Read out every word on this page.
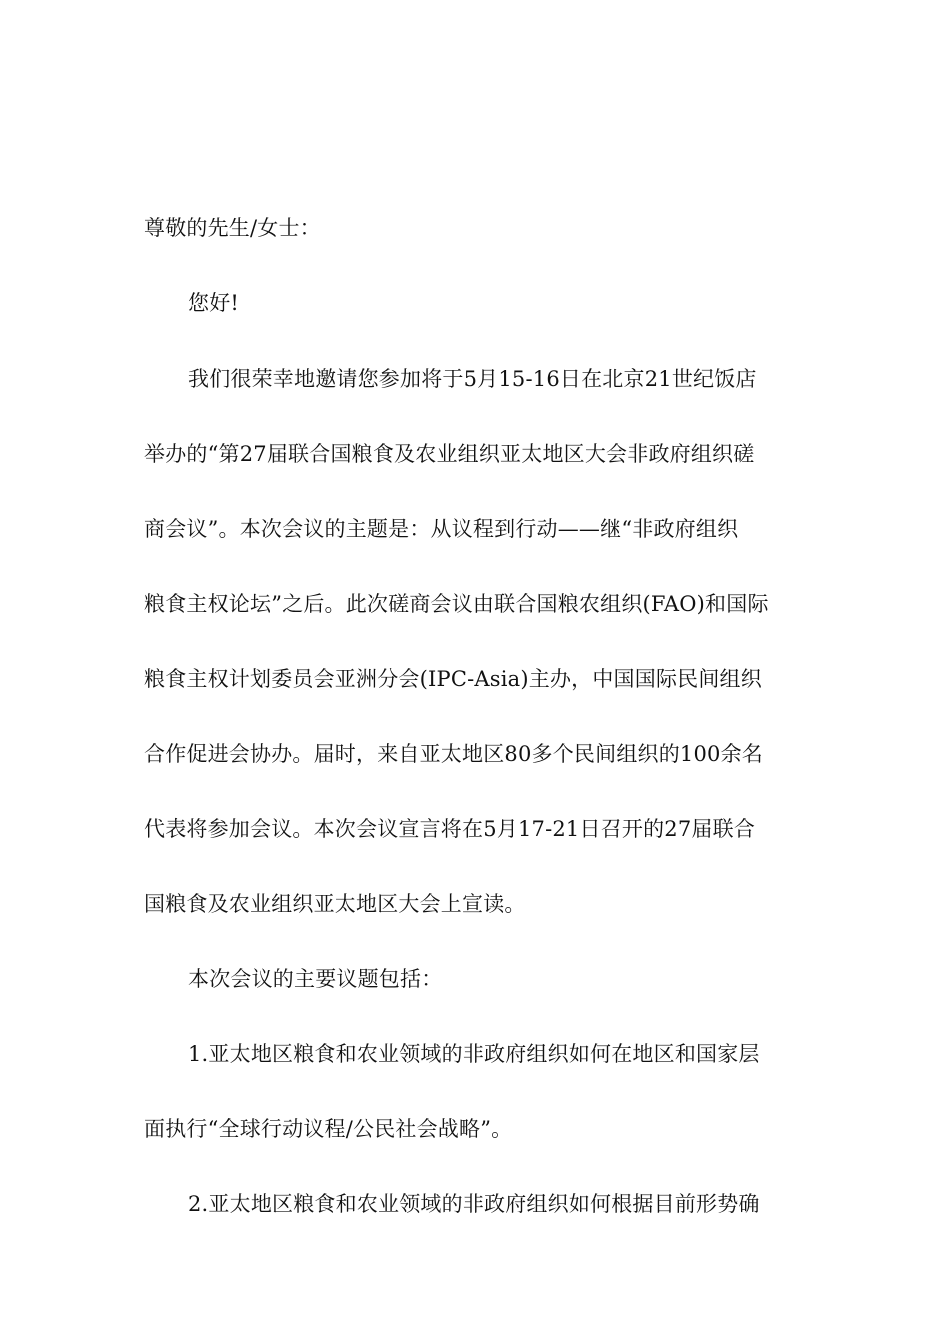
尊敬的先生/女士：
您好!
我们很荣幸地邀请您参加将于5月15-16日在北京21世纪饭店
举办的“第27届联合国粮食及农业组织亚太地区大会非政府组织磋
商会议”。本次会议的主题是：从议程到行动——继“非政府组织
粮食主权论坛”之后。此次磋商会议由联合国粮农组织(FAO)和国际
粮食主权计划委员会亚洲分会(IPC-Asia)主办，中国国际民间组织
合作促进会协办。届时，来自亚太地区80多个民间组织的100余名
代表将参加会议。本次会议宣言将在5月17-21日召开的27届联合
国粮食及农业组织亚太地区大会上宣读。
本次会议的主要议题包括：
1.亚太地区粮食和农业领域的非政府组织如何在地区和国家层
面执行“全球行动议程/公民社会战略”。
2.亚太地区粮食和农业领域的非政府组织如何根据目前形势确
